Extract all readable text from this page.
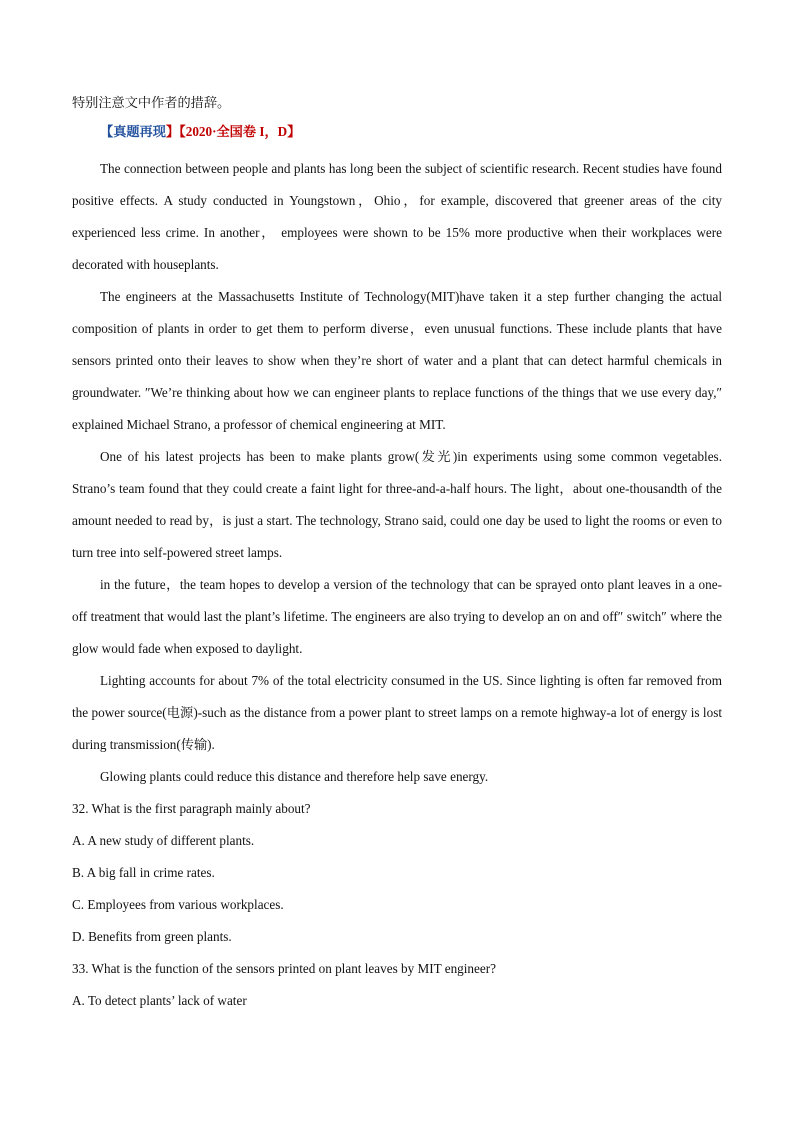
特别注意文中作者的措辞。

【真题再现】【2020·全国卷 I，D】

The connection between people and plants has long been the subject of scientific research. Recent studies have found positive effects. A study conducted in Youngstown，Ohio，for example, discovered that greener areas of the city experienced less crime. In another， employees were shown to be 15% more productive when their workplaces were decorated with houseplants.

The engineers at the Massachusetts Institute of Technology(MIT)have taken it a step further changing the actual composition of plants in order to get them to perform diverse，even unusual functions. These include plants that have sensors printed onto their leaves to show when they’re short of water and a plant that can detect harmful chemicals in groundwater. ″We’re thinking about how we can engineer plants to replace functions of the things that we use every day,″ explained Michael Strano, a professor of chemical engineering at MIT.

One of his latest projects has been to make plants grow(发光)in experiments using some common vegetables. Strano’s team found that they could create a faint light for three-and-a-half hours. The light，about one-thousandth of the amount needed to read by，is just a start. The technology, Strano said, could one day be used to light the rooms or even to turn tree into self-powered street lamps.

in the future，the team hopes to develop a version of the technology that can be sprayed onto plant leaves in a one-off treatment that would last the plant’s lifetime. The engineers are also trying to develop an on and off″ switch″ where the glow would fade when exposed to daylight.

Lighting accounts for about 7% of the total electricity consumed in the US. Since lighting is often far removed from the power source(电源)-such as the distance from a power plant to street lamps on a remote highway-a lot of energy is lost during transmission(传输).

Glowing plants could reduce this distance and therefore help save energy.

32. What is the first paragraph mainly about?

A. A new study of different plants.

B. A big fall in crime rates.

C. Employees from various workplaces.

D. Benefits from green plants.

33. What is the function of the sensors printed on plant leaves by MIT engineer?

A. To detect plants’ lack of water
